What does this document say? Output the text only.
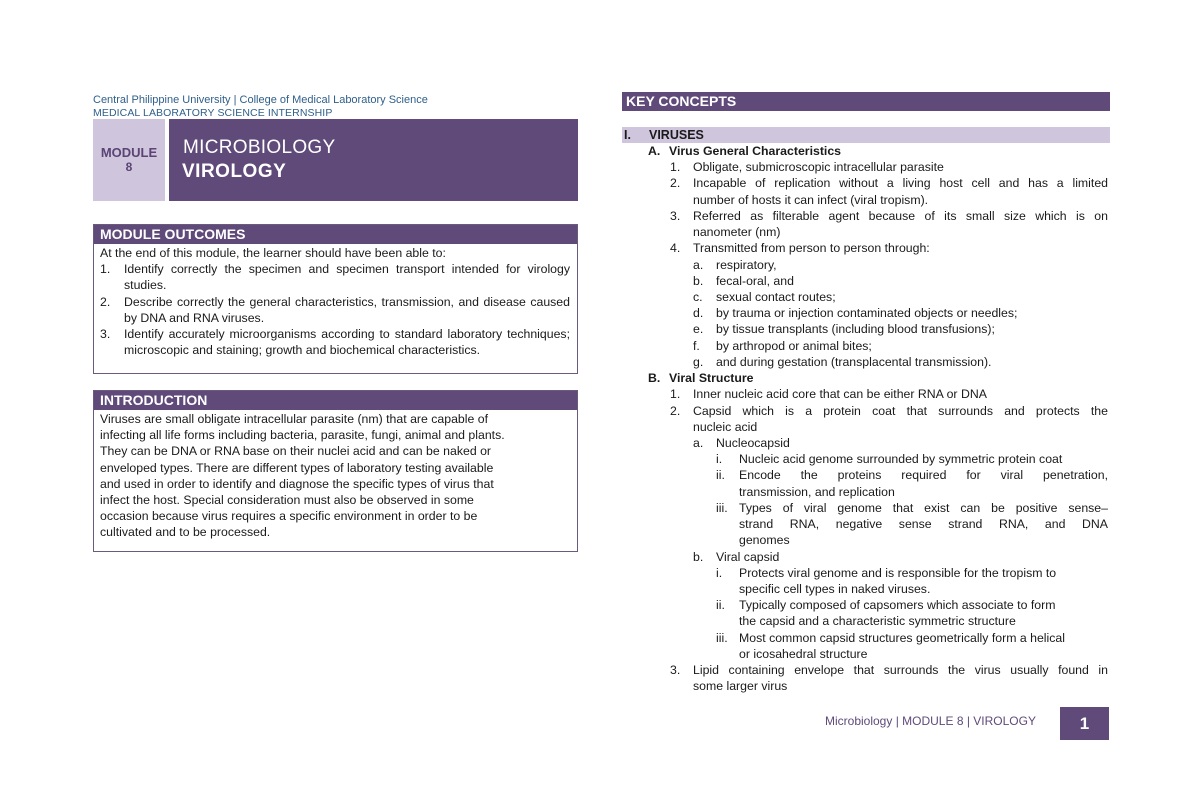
Central Philippine University | College of Medical Laboratory Science
MEDICAL LABORATORY SCIENCE INTERNSHIP
MODULE
8
MICROBIOLOGY
VIROLOGY
MODULE OUTCOMES
At the end of this module, the learner should have been able to:
1. Identify correctly the specimen and specimen transport intended for virology studies.
2. Describe correctly the general characteristics, transmission, and disease caused by DNA and RNA viruses.
3. Identify accurately microorganisms according to standard laboratory techniques; microscopic and staining; growth and biochemical characteristics.
INTRODUCTION
Viruses are small obligate intracellular parasite (nm) that are capable of
infecting all life forms including bacteria, parasite, fungi, animal and plants.
They can be DNA or RNA base on their nuclei acid and can be naked or
enveloped types. There are different types of laboratory testing available
and used in order to identify and diagnose the specific types of virus that
infect the host. Special consideration must also be observed in some
occasion because virus requires a specific environment in order to be
cultivated and to be processed.
KEY CONCEPTS
I. VIRUSES
A. Virus General Characteristics
1. Obligate, submicroscopic intracellular parasite
2. Incapable of replication without a living host cell and has a limited
number of hosts it can infect (viral tropism).
3. Referred as filterable agent because of its small size which is on
nanometer (nm)
4. Transmitted from person to person through:
a. respiratory,
b. fecal-oral, and
c. sexual contact routes;
d. by trauma or injection contaminated objects or needles;
e. by tissue transplants (including blood transfusions);
f. by arthropod or animal bites;
g. and during gestation (transplacental transmission).
B. Viral Structure
1. Inner nucleic acid core that can be either RNA or DNA
2. Capsid which is a protein coat that surrounds and protects the
nucleic acid
a. Nucleocapsid
i. Nucleic acid genome surrounded by symmetric protein coat
ii. Encode the proteins required for viral penetration,
transmission, and replication
iii. Types of viral genome that exist can be positive sense–
strand RNA, negative sense strand RNA, and DNA
genomes
b. Viral capsid
i. Protects viral genome and is responsible for the tropism to
specific cell types in naked viruses.
ii. Typically composed of capsomers which associate to form
the capsid and a characteristic symmetric structure
iii. Most common capsid structures geometrically form a helical
or icosahedral structure
3. Lipid containing envelope that surrounds the virus usually found in
some larger virus
Microbiology | MODULE 8 | VIROLOGY	1
